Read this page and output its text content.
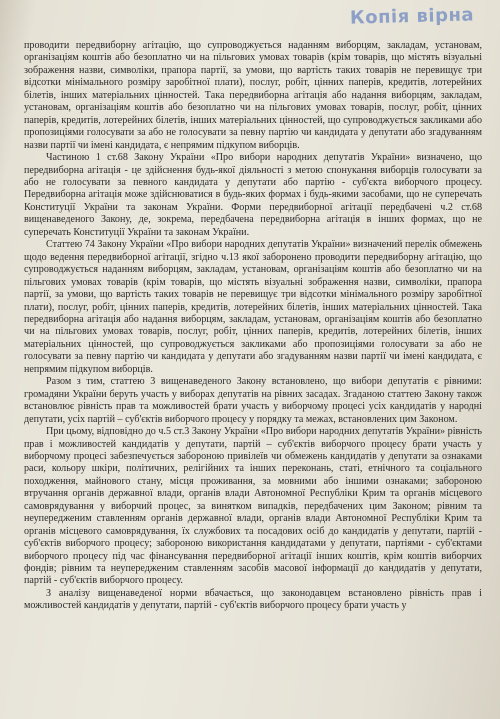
Копія вірна

проводити передвиборну агітацію, що супроводжується наданням виборцям, закладам, установам, організаціям коштів або безоплатно чи на пільгових умовах товарів (крім товарів, що містять візуальні зображення назви, символіки, прапора партії, за умови, що вартість таких товарів не перевищує три відсотки мінімального розміру заробітної плати), послуг, робіт, цінних паперів, кредитів, лотерейних білетів, інших матеріальних цінностей. Така передвиборна агітація або надання виборцям, закладам, установам, організаціям коштів або безоплатно чи на пільгових умовах товарів, послуг, робіт, цінних паперів, кредитів, лотерейних білетів, інших матеріальних цінностей, що супроводжується закликами або пропозиціями голосувати за або не голосувати за певну партію чи кандидата у депутати або згадуванням назви партії чи імені кандидата, є непрямим підкупом виборців.

Частиною 1 ст.68 Закону України «Про вибори народних депутатів України» визначено, що передвиборна агітація - це здійснення будь-якої діяльності з метою спонукання виборців голосувати за або не голосувати за певного кандидата у депутати або партію - суб'єкта виборчого процесу. Передвиборна агітація може здійснюватися в будь-яких формах і будь-якими засобами, що не суперечать Конституції України та законам України. Форми передвиборної агітації передбачені ч.2 ст.68 вищенаведеного Закону, де, зокрема, передбачена передвиборна агітація в інших формах, що не суперечать Конституції України та законам України.

Статтею 74 Закону України «Про вибори народних депутатів України» визначений перелік обмежень щодо ведення передвиборної агітації, згідно ч.13 якої заборонено проводити передвиборну агітацію, що супроводжується наданням виборцям, закладам, установам, організаціям коштів або безоплатно чи на пільгових умовах товарів (крім товарів, що містять візуальні зображення назви, символіки, прапора партії, за умови, що вартість таких товарів не перевищує три відсотки мінімального розміру заробітної плати), послуг, робіт, цінних паперів, кредитів, лотерейних білетів, інших матеріальних цінностей. Така передвиборна агітація або надання виборцям, закладам, установам, організаціям коштів або безоплатно чи на пільгових умовах товарів, послуг, робіт, цінних паперів, кредитів, лотерейних білетів, інших матеріальних цінностей, що супроводжується закликами або пропозиціями голосувати за або не голосувати за певну партію чи кандидата у депутати або згадуванням назви партії чи імені кандидата, є непрямим підкупом виборців.

Разом з тим, статтею 3 вищенаведеного Закону встановлено, що вибори депутатів є рівними: громадяни України беруть участь у виборах депутатів на рівних засадах. Згаданою статтею Закону також встановлює рівність прав та можливостей брати участь у виборчому процесі усіх кандидатів у народні депутати, усіх партій – суб'єктів виборчого процесу у порядку та межах, встановлених цим Законом.

При цьому, відповідно до ч.5 ст.3 Закону України «Про вибори народних депутатів України» рівність прав і можливостей кандидатів у депутати, партій – суб'єктів виборчого процесу брати участь у виборчому процесі забезпечується забороною привілеїв чи обмежень кандидатів у депутати за ознаками раси, кольору шкіри, політичних, релігійних та інших переконань, статі, етнічного та соціального походження, майнового стану, місця проживання, за мовними або іншими ознаками; забороною втручання органів державної влади, органів влади Автономної Республіки Крим та органів місцевого самоврядування у виборчий процес, за винятком випадків, передбачених цим Законом; рівним та неупередженим ставленням органів державної влади, органів влади Автономної Республіки Крим та органів місцевого самоврядування, їх службових та посадових осіб до кандидатів у депутати, партій - суб'єктів виборчого процесу; забороною використання кандидатами у депутати, партіями - суб'єктами виборчого процесу під час фінансування передвиборної агітації інших коштів, крім коштів виборчих фондів; рівним та неупередженим ставленням засобів масової інформації до кандидатів у депутати, партій - суб'єктів виборчого процесу.

З аналізу вищенаведеної норми вбачається, що законодавцем встановлено рівність прав і можливостей кандидатів у депутати, партій - суб'єктів виборчого процесу брати участь у
